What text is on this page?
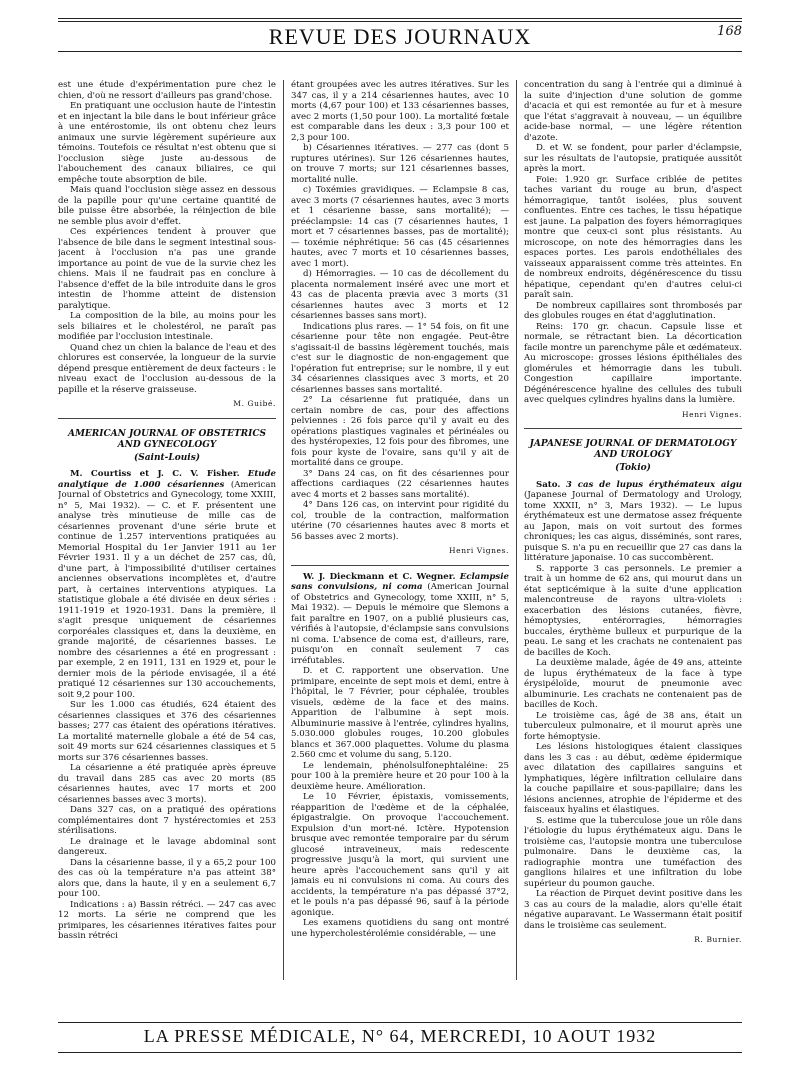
REVUE DES JOURNAUX	168

est une étude d'expérimentation pure chez le chien, d'où ne ressort d'ailleurs pas grand'chose.

En pratiquant une occlusion haute de l'intestin et en injectant la bile dans le bout inférieur grâce à une entérostomie, ils ont obtenu chez leurs animaux une survie légèrement supérieure aux témoins. Toutefois ce résultat n'est obtenu que si l'occlusion siège juste au-dessous de l'abouchement des canaux biliaires, ce qui empêche toute absorption de bile.

Mais quand l'occlusion siège assez en dessous de la papille pour qu'une certaine quantité de bile puisse être absorbée, la réinjection de bile ne semble plus avoir d'effet.

Ces expériences tendent à prouver que l'absence de bile dans le segment intestinal sous-jacent à l'occlusion n'a pas une grande importance au point de vue de la survie chez les chiens. Mais il ne faudrait pas en conclure à l'absence d'effet de la bile introduite dans le gros intestin de l'homme atteint de distension paralytique.

La composition de la bile, au moins pour les sels biliaires et le cholestérol, ne paraît pas modifiée par l'occlusion intestinale.

Quand chez un chien la balance de l'eau et des chlorures est conservée, la longueur de la survie dépend presque entièrement de deux facteurs : le niveau exact de l'occlusion au-dessous de la papille et la réserve graisseuse.

M. Guibé.

AMERICAN JOURNAL OF OBSTETRICS AND GYNECOLOGY
(Saint-Louis)

M. Courtiss et J. C. V. Fisher. Etude analytique de 1.000 césariennes (American Journal of Obstetrics and Gynecology, tome XXIII, n° 5, Mai 1932). — C. et F. présentent une analyse très minutieuse de mille cas de césariennes provenant d'une série brute et continue de 1.257 interventions pratiquées au Memorial Hospital du 1er Janvier 1911 au 1er Février 1931. Il y a un déchet de 257 cas, dû, d'une part, à l'impossibilité d'utiliser certaines anciennes observations incomplètes et, d'autre part, à certaines interventions atypiques. La statistique globale a été divisée en deux séries : 1911-1919 et 1920-1931. Dans la première, il s'agit presque uniquement de césariennes corporéales classiques et, dans la deuxième, en grande majorité, de césariennes basses. Le nombre des césariennes a été en progressant : par exemple, 2 en 1911, 131 en 1929 et, pour le dernier mois de la période envisagée, il a été pratiqué 12 césariennes sur 130 accouchements, soit 9,2 pour 100.

Sur les 1.000 cas étudiés, 624 étaient des césariennes classiques et 376 des césariennes basses; 277 cas étaient des opérations itératives. La mortalité maternelle globale a été de 54 cas, soit 49 morts sur 624 césariennes classiques et 5 morts sur 376 césariennes basses.

La césarienne a été pratiquée après épreuve du travail dans 285 cas avec 20 morts (85 césariennes hautes, avec 17 morts et 200 césariennes basses avec 3 morts).

Dans 327 cas, on a pratiqué des opérations complémentaires dont 7 hystérectomies et 253 stérilisations.

Le drainage et le lavage abdominal sont dangereux.

Dans la césarienne basse, il y a 65,2 pour 100 des cas où la température n'a pas atteint 38° alors que, dans la haute, il y en a seulement 6,7 pour 100.

Indications : a) Bassin rétréci. — 247 cas avec 12 morts. La série ne comprend que les primipares, les césariennes itératives faites pour bassin rétréci

étant groupées avec les autres itératives. Sur les 347 cas, il y a 214 césariennes hautes, avec 10 morts (4,67 pour 100) et 133 césariennes basses, avec 2 morts (1,50 pour 100). La mortalité fœtale est comparable dans les deux : 3,3 pour 100 et 2,3 pour 100.

b) Césariennes itératives. — 277 cas (dont 5 ruptures utérines). Sur 126 césariennes hautes, on trouve 7 morts; sur 121 césariennes basses, mortalité nulle.

c) Toxémies gravidiques. — Eclampsie 8 cas, avec 3 morts (7 césariennes hautes, avec 3 morts et 1 césarienne basse, sans mortalité); — prééclampsie: 14 cas (7 césariennes hautes, 1 mort et 7 césariennes basses, pas de mortalité); — toxémie néphrétique: 56 cas (45 césariennes hautes, avec 7 morts et 10 césariennes basses, avec 1 mort).

d) Hémorragies. — 10 cas de décollement du placenta normalement inséré avec une mort et 43 cas de placenta prævia avec 3 morts (31 césariennes hautes avec 3 morts et 12 césariennes basses sans mort).

Indications plus rares. — 1° 54 fois, on fit une césarienne pour tête non engagée. Peut-être s'agissait-il de bassins légèrement touchés, mais c'est sur le diagnostic de non-engagement que l'opération fut entreprise; sur le nombre, il y eut 34 césariennes classiques avec 3 morts, et 20 césariennes basses sans mortalité.

2° La césarienne fut pratiquée, dans un certain nombre de cas, pour des affections pelviennes : 26 fois parce qu'il y avait eu des opérations plastiques vaginales et périnéales ou des hystéropexies, 12 fois pour des fibromes, une fois pour kyste de l'ovaire, sans qu'il y ait de mortalité dans ce groupe.

3° Dans 24 cas, on fit des césariennes pour affections cardiaques (22 césariennes hautes avec 4 morts et 2 basses sans mortalité).

4° Dans 126 cas, on intervint pour rigidité du col, trouble de la contraction, malformation utérine (70 césariennes hautes avec 8 morts et 56 basses avec 2 morts).

Henri Vignes.

W. J. Dieckmann et C. Wegner. Eclampsie sans convulsions, ni coma (American Journal of Obstetrics and Gynecology, tome XXIII, n° 5, Mai 1932). — Depuis le mémoire que Slemons a fait paraître en 1907, on a publié plusieurs cas, vérifiés à l'autopsie, d'éclampsie sans convulsions ni coma. L'absence de coma est, d'ailleurs, rare, puisqu'on en connaît seulement 7 cas irréfutables.

D. et C. rapportent une observation. Une primipare, enceinte de sept mois et demi, entre à l'hôpital, le 7 Février, pour céphalée, troubles visuels, œdème de la face et des mains. Apparition de l'albumine à sept mois. Albuminurie massive à l'entrée, cylindres hyalins, 5.030.000 globules rouges, 10.200 globules blancs et 367.000 plaquettes. Volume du plasma 2.560 cmc et volume du sang, 5.120.

Le lendemain, phénolsulfonephtaléine: 25 pour 100 à la première heure et 20 pour 100 à la deuxième heure. Amélioration.

Le 10 Février, épistaxis, vomissements, réapparition de l'œdème et de la céphalée, épigastralgie. On provoque l'accouchement. Expulsion d'un mort-né. Ictère. Hypotension brusque avec remontée temporaire par du sérum glucosé intraveineux, mais redescente progressive jusqu'à la mort, qui survient une heure après l'accouchement sans qu'il y ait jamais eu ni convulsions ni coma. Au cours des accidents, la température n'a pas dépassé 37°2, et le pouls n'a pas dépassé 96, sauf à la période agonique.

Les examens quotidiens du sang ont montré une hypercholestérolémie considérable, — une

concentration du sang à l'entrée qui a diminué à la suite d'injection d'une solution de gomme d'acacia et qui est remontée au fur et à mesure que l'état s'aggravait à nouveau, — un équilibre acide-base normal, — une légère rétention d'azote.

D. et W. se fondent, pour parler d'éclampsie, sur les résultats de l'autopsie, pratiquée aussitôt après la mort.

Foie: 1.920 gr. Surface criblée de petites taches variant du rouge au brun, d'aspect hémorragique, tantôt isolées, plus souvent confluentes. Entre ces taches, le tissu hépatique est jaune. La palpation des foyers hémorragiques montre que ceux-ci sont plus résistants. Au microscope, on note des hémorragies dans les espaces portes. Les parois endothéliales des vaisseaux apparaissent comme très atteintes. En de nombreux endroits, dégénérescence du tissu hépatique, cependant qu'en d'autres celui-ci paraît sain.

De nombreux capillaires sont thrombosés par des globules rouges en état d'agglutination.

Reins: 170 gr. chacun. Capsule lisse et normale, se rétractant bien. La décortication facile montre un parenchyme pâle et œdémateux. Au microscope: grosses lésions épithéliales des glomérules et hémorragie dans les tubuli. Congestion capillaire importante. Dégénérescence hyaline des cellules des tubuli avec quelques cylindres hyalins dans la lumière.

Henri Vignes.

JAPANESE JOURNAL OF DERMATOLOGY AND UROLOGY
(Tokio)

Sato. 3 cas de lupus érythémateux aigu (Japanese Journal of Dermatology and Urology, tome XXXII, n° 3, Mars 1932). — Le lupus érythémateux est une dermatose assez fréquente au Japon, mais on voit surtout des formes chroniques; les cas aigus, disséminés, sont rares, puisque S. n'a pu en recueillir que 27 cas dans la littérature japonaise. 10 cas succombèrent.

S. rapporte 3 cas personnels. Le premier a trait à un homme de 62 ans, qui mourut dans un état septicémique à la suite d'une application malencontreuse de rayons ultra-violets : exacerbation des lésions cutanées, fièvre, hémoptysies, entérorragies, hémorragies buccales, érythème bulleux et purpurique de la peau. Le sang et les crachats ne contenaient pas de bacilles de Koch.

La deuxième malade, âgée de 49 ans, atteinte de lupus érythémateux de la face à type érysipéloïde, mourut de pneumonie avec albuminurie. Les crachats ne contenaient pas de bacilles de Koch.

Le troisième cas, âgé de 38 ans, était un tuberculeux pulmonaire, et il mourut après une forte hémoptysie.

Les lésions histologiques étaient classiques dans les 3 cas : au début, œdème épidermique avec dilatation des capillaires sanguins et lymphatiques, légère infiltration cellulaire dans la couche papillaire et sous-papillaire; dans les lésions anciennes, atrophie de l'épiderme et des faisceaux hyalins et élastiques.

S. estime que la tuberculose joue un rôle dans l'étiologie du lupus érythémateux aigu. Dans le troisième cas, l'autopsie montra une tuberculose pulmonaire. Dans le deuxième cas, la radiographie montra une tuméfaction des ganglions hilaires et une infiltration du lobe supérieur du poumon gauche.

La réaction de Pirquet devint positive dans les 3 cas au cours de la maladie, alors qu'elle était négative auparavant. Le Wassermann était positif dans le troisième cas seulement.

R. Burnier.

LA PRESSE MÉDICALE, N° 64, MERCREDI, 10 AOUT 1932
